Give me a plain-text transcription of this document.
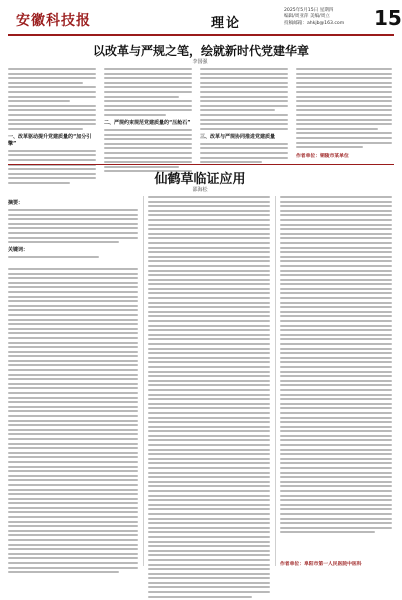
安徽科技报	理论
2025年5月15日 星期四
编辑/周亚萍 美编/周立
投稿邮箱：ahkjb@163.com	15
以改革与严规之笔，绘就新时代党建华章
李国强
一、改革驱动提升党建质量的“加分引擎”
二、严规约束规范党建质量的“压舱石”
三、改革与严规协同推进党建质量
作者单位：铜陵市某单位
仙鹤草临证应用
邵海松
摘要：
关键词：
作者单位：阜阳市第一人民医院中医科
